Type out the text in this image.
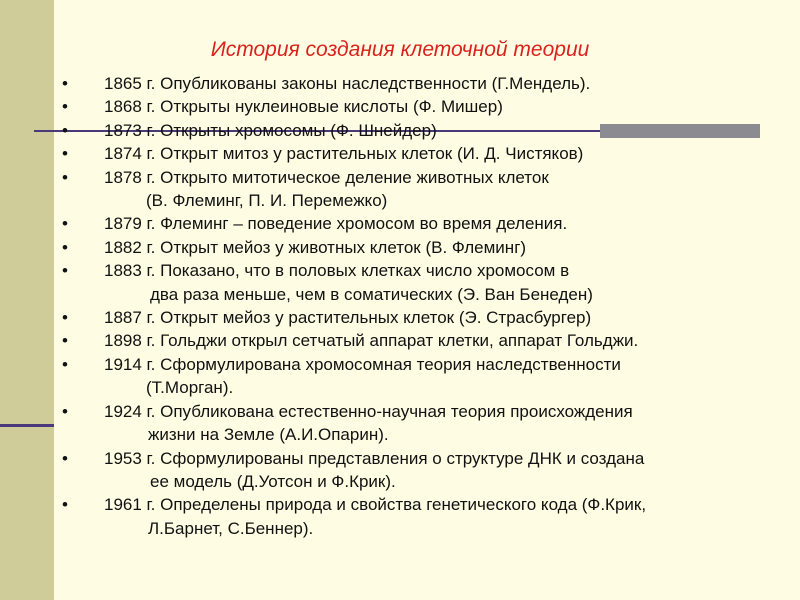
История создания клеточной теории
•	1865 г. Опубликованы законы наследственности (Г.Мендель).
•	1868 г. Открыты нуклеиновые кислоты (Ф. Мишер)
•	1873 г. Открыты хромосомы (Ф. Шнейдер)
•	1874 г. Открыт митоз у растительных клеток (И. Д. Чистяков)
•	1878 г. Открыто митотическое деление животных клеток
(В. Флеминг, П. И. Перемежко)
•	1879 г. Флеминг – поведение хромосом во время деления.
•	1882 г. Открыт мейоз у животных клеток (В. Флеминг)
•	1883 г. Показано, что в половых клетках число хромосом в
два раза меньше, чем в соматических (Э. Ван Бенеден)
•	1887 г. Открыт мейоз у растительных клеток (Э. Страсбургер)
•	1898 г. Гольджи открыл сетчатый аппарат клетки, аппарат Гольджи.
•	1914 г. Сформулирована хромосомная теория наследственности
(Т.Морган).
•	1924 г. Опубликована естественно-научная теория происхождения
жизни на Земле (А.И.Опарин).
•	1953 г. Сформулированы представления о структуре ДНК и создана
ее модель (Д.Уотсон и Ф.Крик).
•	1961 г. Определены природа и свойства генетического кода (Ф.Крик,
Л.Барнет, С.Беннер).
